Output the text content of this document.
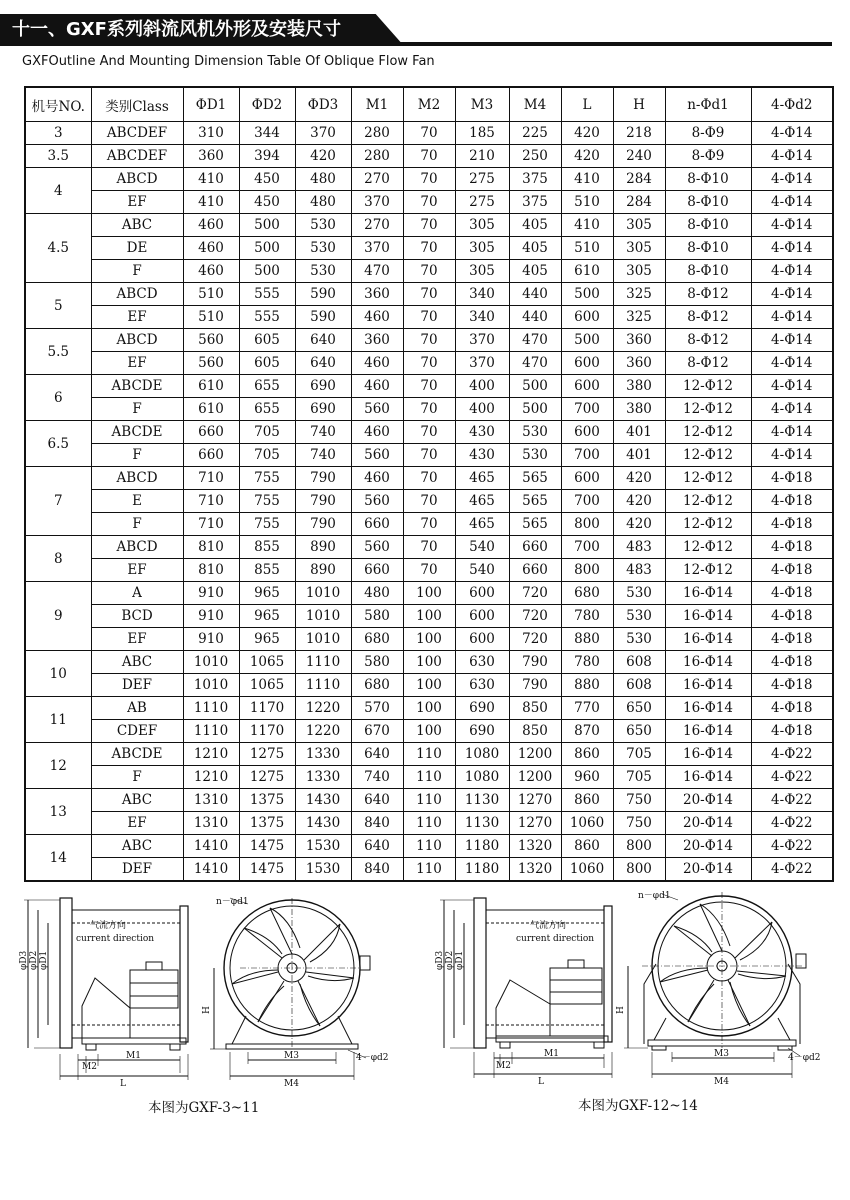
十一、GXF系列斜流风机外形及安装尺寸
GXFOutline And Mounting Dimension Table Of Oblique Flow Fan
机号NO.	类别Class	ΦD1	ΦD2	ΦD3	M1	M2	M3	M4	L	H	n-Φd1	4-Φd2
3	ABCDEF	310	344	370	280	70	185	225	420	218	8-Φ9	4-Φ14
3.5	ABCDEF	360	394	420	280	70	210	250	420	240	8-Φ9	4-Φ14
4	ABCD	410	450	480	270	70	275	375	410	284	8-Φ10	4-Φ14
	EF	410	450	480	370	70	275	375	510	284	8-Φ10	4-Φ14
4.5	ABC	460	500	530	270	70	305	405	410	305	8-Φ10	4-Φ14
	DE	460	500	530	370	70	305	405	510	305	8-Φ10	4-Φ14
	F	460	500	530	470	70	305	405	610	305	8-Φ10	4-Φ14
5	ABCD	510	555	590	360	70	340	440	500	325	8-Φ12	4-Φ14
	EF	510	555	590	460	70	340	440	600	325	8-Φ12	4-Φ14
5.5	ABCD	560	605	640	360	70	370	470	500	360	8-Φ12	4-Φ14
	EF	560	605	640	460	70	370	470	600	360	8-Φ12	4-Φ14
6	ABCDE	610	655	690	460	70	400	500	600	380	12-Φ12	4-Φ14
	F	610	655	690	560	70	400	500	700	380	12-Φ12	4-Φ14
6.5	ABCDE	660	705	740	460	70	430	530	600	401	12-Φ12	4-Φ14
	F	660	705	740	560	70	430	530	700	401	12-Φ12	4-Φ14
7	ABCD	710	755	790	460	70	465	565	600	420	12-Φ12	4-Φ18
	E	710	755	790	560	70	465	565	700	420	12-Φ12	4-Φ18
	F	710	755	790	660	70	465	565	800	420	12-Φ12	4-Φ18
8	ABCD	810	855	890	560	70	540	660	700	483	12-Φ12	4-Φ18
	EF	810	855	890	660	70	540	660	800	483	12-Φ12	4-Φ18
9	A	910	965	1010	480	100	600	720	680	530	16-Φ14	4-Φ18
	BCD	910	965	1010	580	100	600	720	780	530	16-Φ14	4-Φ18
	EF	910	965	1010	680	100	600	720	880	530	16-Φ14	4-Φ18
10	ABC	1010	1065	1110	580	100	630	790	780	608	16-Φ14	4-Φ18
	DEF	1010	1065	1110	680	100	630	790	880	608	16-Φ14	4-Φ18
11	AB	1110	1170	1220	570	100	690	850	770	650	16-Φ14	4-Φ18
	CDEF	1110	1170	1220	670	100	690	850	870	650	16-Φ14	4-Φ18
12	ABCDE	1210	1275	1330	640	110	1080	1200	860	705	16-Φ14	4-Φ22
	F	1210	1275	1330	740	110	1080	1200	960	705	16-Φ14	4-Φ22
13	ABC	1310	1375	1430	640	110	1130	1270	860	750	20-Φ14	4-Φ22
	EF	1310	1375	1430	840	110	1130	1270	1060	750	20-Φ14	4-Φ22
14	ABC	1410	1475	1530	640	110	1180	1320	860	800	20-Φ14	4-Φ22
	DEF	1410	1475	1530	840	110	1180	1320	1060	800	20-Φ14	4-Φ22
气流方向
current direction
n－φd1
4－φd2
φD3 φD2 φD1
H
M1
M2
L
M3
M4
本图为GXF-3~11
气流方向
current direction
n－φd1
4－φd2
φD3 φD2 φD1
H
M1
M2
L
M3
M4
本图为GXF-12~14
